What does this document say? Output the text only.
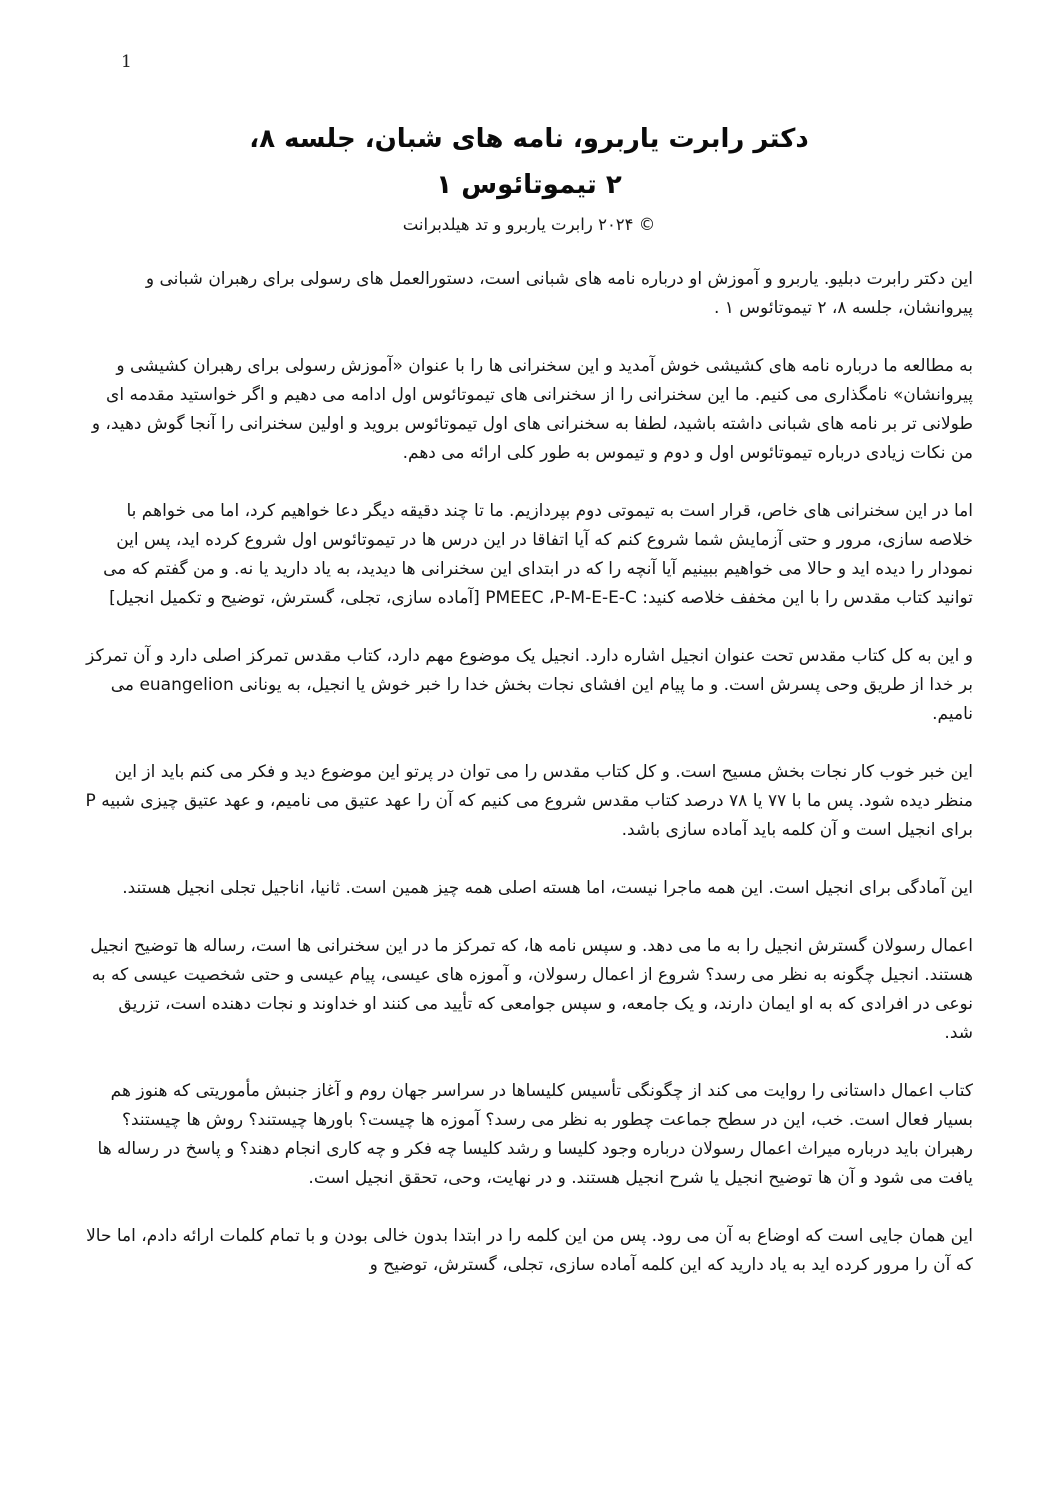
1
دکتر رابرت یاربرو، نامه های شبان، جلسه ۸،
۲ تیموتائوس ۱
© ۲۰۲۴ رابرت یاربرو و تد هیلدبرانت

این دکتر رابرت دبلیو. یاربرو و آموزش او درباره نامه های شبانی است، دستورالعمل های رسولی برای رهبران شبانی و پیروانشان، جلسه ۸، ۲ تیموتائوس ۱ .

به مطالعه ما درباره نامه های کشیشی خوش آمدید و این سخنرانی ها را با عنوان «آموزش رسولی برای رهبران کشیشی و پیروانشان» نامگذاری می کنیم. ما این سخنرانی را از سخنرانی های تیموتائوس اول ادامه می دهیم و اگر خواستید مقدمه ای طولانی تر بر نامه های شبانی داشته باشید، لطفا به سخنرانی های اول تیموتائوس بروید و اولین سخنرانی را آنجا گوش دهید، و من نکات زیادی درباره تیموتائوس اول و دوم و تیموس به طور کلی ارائه می دهم.

اما در این سخنرانی های خاص، قرار است به تیموتی دوم بپردازیم. ما تا چند دقیقه دیگر دعا خواهیم کرد، اما می خواهم با خلاصه سازی، مرور و حتی آزمایش شما شروع کنم که آیا اتفاقا در این درس ها در تیموتائوس اول شروع کرده اید، پس این نمودار را دیده اید و حالا می خواهیم ببینیم آیا آنچه را که در ابتدای این سخنرانی ها دیدید، به یاد دارید یا نه. و من گفتم که می توانید کتاب مقدس را با این مخفف خلاصه کنید: P-M-E-E-C‏،‏ PMEEC [آماده سازی، تجلی، گسترش، توضیح و تکمیل انجیل]

و این به کل کتاب مقدس تحت عنوان انجیل اشاره دارد. انجیل یک موضوع مهم دارد، کتاب مقدس تمرکز اصلی دارد و آن تمرکز بر خدا از طریق وحی پسرش است. و ما پیام این افشای نجات بخش خدا را خبر خوش یا انجیل، به یونانی euangelion می نامیم.

این خبر خوب کار نجات بخش مسیح است. و کل کتاب مقدس را می توان در پرتو این موضوع دید و فکر می کنم باید از این منظر دیده شود. پس ما با ۷۷ یا ۷۸ درصد کتاب مقدس شروع می کنیم که آن را عهد عتیق می نامیم، و عهد عتیق چیزی شبیه P برای انجیل است و آن کلمه باید آماده سازی باشد.

این آمادگی برای انجیل است. این همه ماجرا نیست، اما هسته اصلی همه چیز همین است. ثانیا، اناجیل تجلی انجیل هستند.

اعمال رسولان گسترش انجیل را به ما می دهد. و سپس نامه ها، که تمرکز ما در این سخنرانی ها است، رساله ها توضیح انجیل هستند. انجیل چگونه به نظر می رسد؟ شروع از اعمال رسولان، و آموزه های عیسی، پیام عیسی و حتی شخصیت عیسی که به نوعی در افرادی که به او ایمان دارند، و یک جامعه، و سپس جوامعی که تأیید می کنند او خداوند و نجات دهنده است، تزریق شد.

کتاب اعمال داستانی را روایت می کند از چگونگی تأسیس کلیساها در سراسر جهان روم و آغاز جنبش مأموریتی که هنوز هم بسیار فعال است. خب، این در سطح جماعت چطور به نظر می رسد؟ آموزه ها چیست؟ باورها چیستند؟ روش ها چیستند؟ رهبران باید درباره میراث اعمال رسولان درباره وجود کلیسا و رشد کلیسا چه فکر و چه کاری انجام دهند؟ و پاسخ در رساله ها یافت می شود و آن ها توضیح انجیل یا شرح انجیل هستند. و در نهایت، وحی، تحقق انجیل است.

این همان جایی است که اوضاع به آن می رود. پس من این کلمه را در ابتدا بدون خالی بودن و با تمام کلمات ارائه دادم، اما حالا که آن را مرور کرده اید به یاد دارید که این کلمه آماده سازی، تجلی، گسترش، توضیح و
